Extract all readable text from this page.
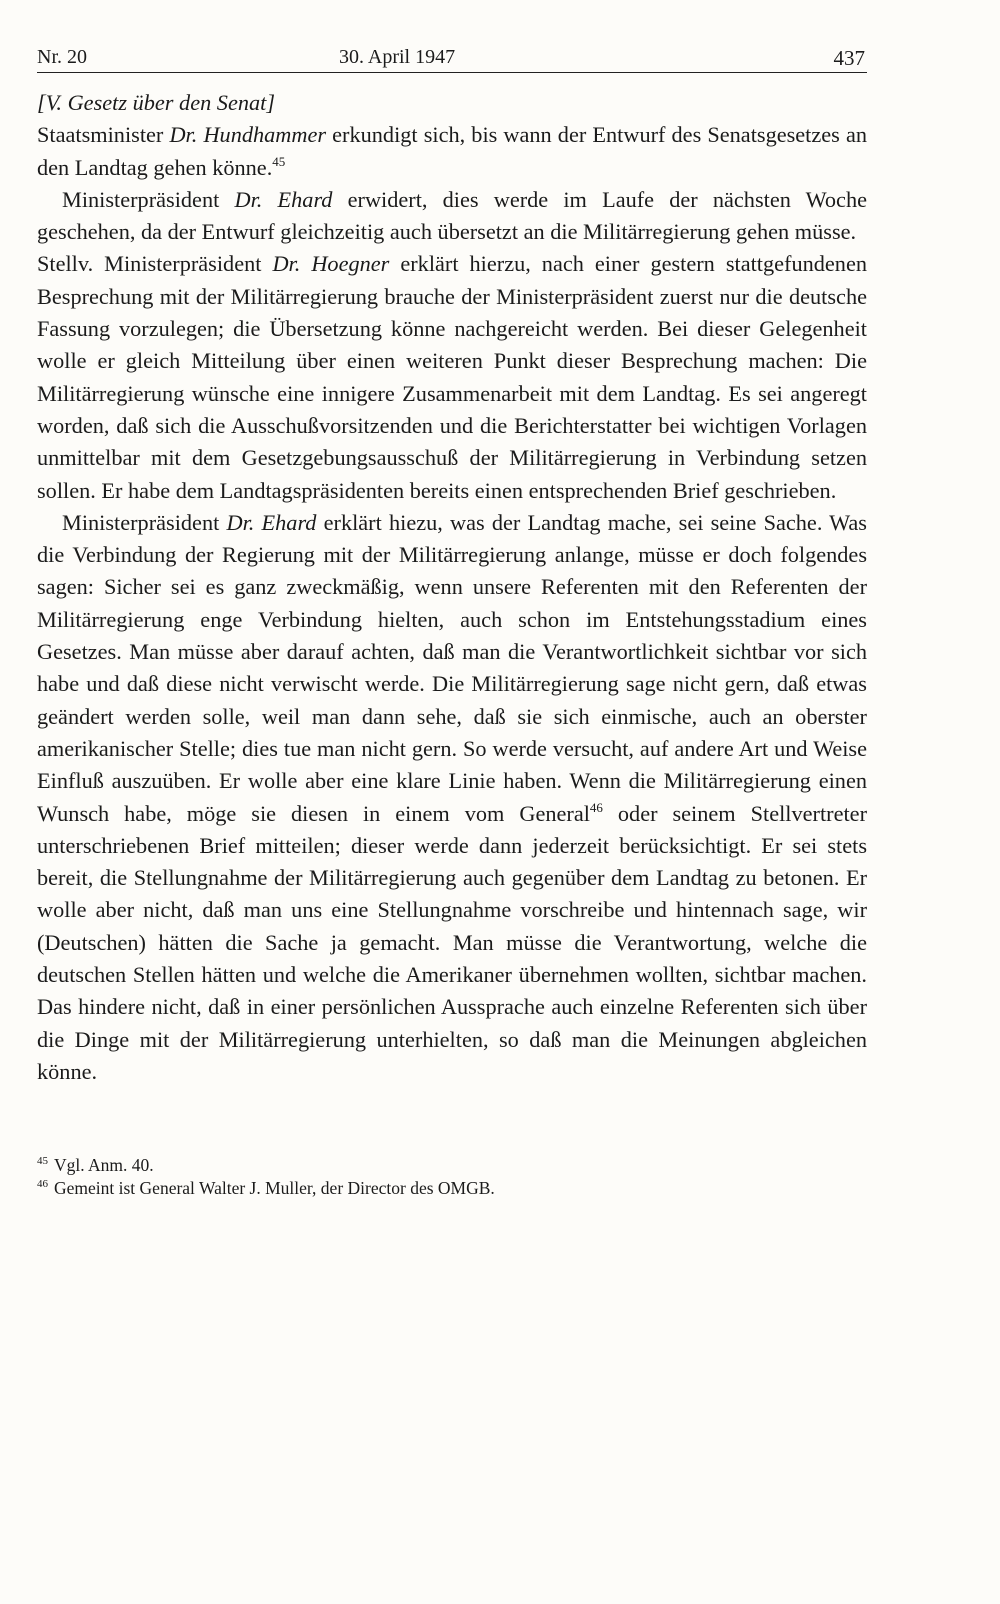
Nr. 20	30. April 1947	437

[V. Gesetz über den Senat]

Staatsminister Dr. Hundhammer erkundigt sich, bis wann der Entwurf des Senatsgesetzes an den Landtag gehen könne.$^{45}$

Ministerpräsident Dr. Ehard erwidert, dies werde im Laufe der nächsten Woche geschehen, da der Entwurf gleichzeitig auch übersetzt an die Militärregierung gehen müsse.

Stellv. Ministerpräsident Dr. Hoegner erklärt hierzu, nach einer gestern stattgefundenen Besprechung mit der Militärregierung brauche der Ministerpräsident zuerst nur die deutsche Fassung vorzulegen; die Übersetzung könne nachgereicht werden. Bei dieser Gelegenheit wolle er gleich Mitteilung über einen weiteren Punkt dieser Besprechung machen: Die Militärregierung wünsche eine innigere Zusammenarbeit mit dem Landtag. Es sei angeregt worden, daß sich die Ausschußvorsitzenden und die Berichterstatter bei wichtigen Vorlagen unmittelbar mit dem Gesetzgebungsausschuß der Militärregierung in Verbindung setzen sollen. Er habe dem Landtagspräsidenten bereits einen entsprechenden Brief geschrieben.

Ministerpräsident Dr. Ehard erklärt hiezu, was der Landtag mache, sei seine Sache. Was die Verbindung der Regierung mit der Militärregierung anlange, müsse er doch folgendes sagen: Sicher sei es ganz zweckmäßig, wenn unsere Referenten mit den Referenten der Militärregierung enge Verbindung hielten, auch schon im Entstehungsstadium eines Gesetzes. Man müsse aber darauf achten, daß man die Verantwortlichkeit sichtbar vor sich habe und daß diese nicht verwischt werde. Die Militärregierung sage nicht gern, daß etwas geändert werden solle, weil man dann sehe, daß sie sich einmische, auch an oberster amerikanischer Stelle; dies tue man nicht gern. So werde versucht, auf andere Art und Weise Einfluß auszuüben. Er wolle aber eine klare Linie haben. Wenn die Militärregierung einen Wunsch habe, möge sie diesen in einem vom General$^{46}$ oder seinem Stellvertreter unterschriebenen Brief mitteilen; dieser werde dann jederzeit berücksichtigt. Er sei stets bereit, die Stellungnahme der Militärregierung auch gegenüber dem Landtag zu betonen. Er wolle aber nicht, daß man uns eine Stellungnahme vorschreibe und hintennach sage, wir (Deutschen) hätten die Sache ja gemacht. Man müsse die Verantwortung, welche die deutschen Stellen hätten und welche die Amerikaner übernehmen wollten, sichtbar machen. Das hindere nicht, daß in einer persönlichen Aussprache auch einzelne Referenten sich über die Dinge mit der Militärregierung unterhielten, so daß man die Meinungen abgleichen könne.

$^{45}$ Vgl. Anm. 40.

$^{46}$ Gemeint ist General Walter J. Muller, der Director des OMGB.
